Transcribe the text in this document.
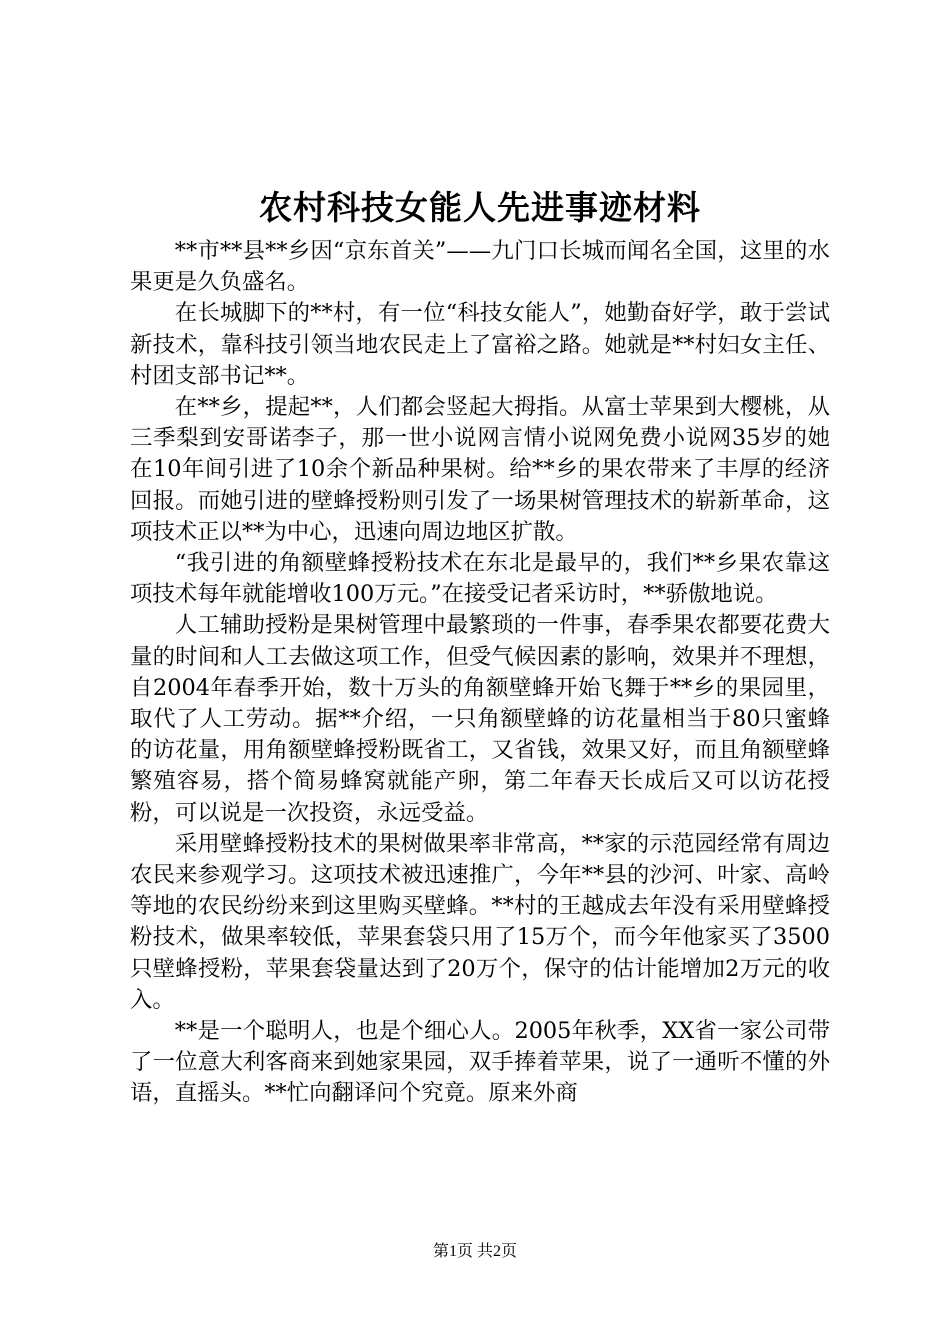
农村科技女能人先进事迹材料

**市**县**乡因“京东首关”——九门口长城而闻名全国，这里的水果更是久负盛名。

在长城脚下的**村，有一位“科技女能人”，她勤奋好学，敢于尝试新技术，靠科技引领当地农民走上了富裕之路。她就是**村妇女主任、村团支部书记**。

在**乡，提起**，人们都会竖起大拇指。从富士苹果到大樱桃，从三季梨到安哥诺李子，那一世小说网言情小说网免费小说网35岁的她在10年间引进了10余个新品种果树。给**乡的果农带来了丰厚的经济回报。而她引进的壁蜂授粉则引发了一场果树管理技术的崭新革命，这项技术正以**为中心，迅速向周边地区扩散。

“我引进的角额壁蜂授粉技术在东北是最早的，我们**乡果农靠这项技术每年就能增收100万元。”在接受记者采访时，**骄傲地说。

人工辅助授粉是果树管理中最繁琐的一件事，春季果农都要花费大量的时间和人工去做这项工作，但受气候因素的影响，效果并不理想，自2004年春季开始，数十万头的角额壁蜂开始飞舞于**乡的果园里，取代了人工劳动。据**介绍，一只角额壁蜂的访花量相当于80只蜜蜂的访花量，用角额壁蜂授粉既省工，又省钱，效果又好，而且角额壁蜂繁殖容易，搭个简易蜂窝就能产卵，第二年春天长成后又可以访花授粉，可以说是一次投资，永远受益。

采用壁蜂授粉技术的果树做果率非常高，**家的示范园经常有周边农民来参观学习。这项技术被迅速推广，今年**县的沙河、叶家、高岭等地的农民纷纷来到这里购买壁蜂。**村的王越成去年没有采用壁蜂授粉技术，做果率较低，苹果套袋只用了15万个，而今年他家买了3500只壁蜂授粉，苹果套袋量达到了20万个，保守的估计能增加2万元的收入。

**是一个聪明人，也是个细心人。2005年秋季，XX省一家公司带了一位意大利客商来到她家果园，双手捧着苹果，说了一通听不懂的外语，直摇头。**忙向翻译问个究竟。原来外商

第1页 共2页
